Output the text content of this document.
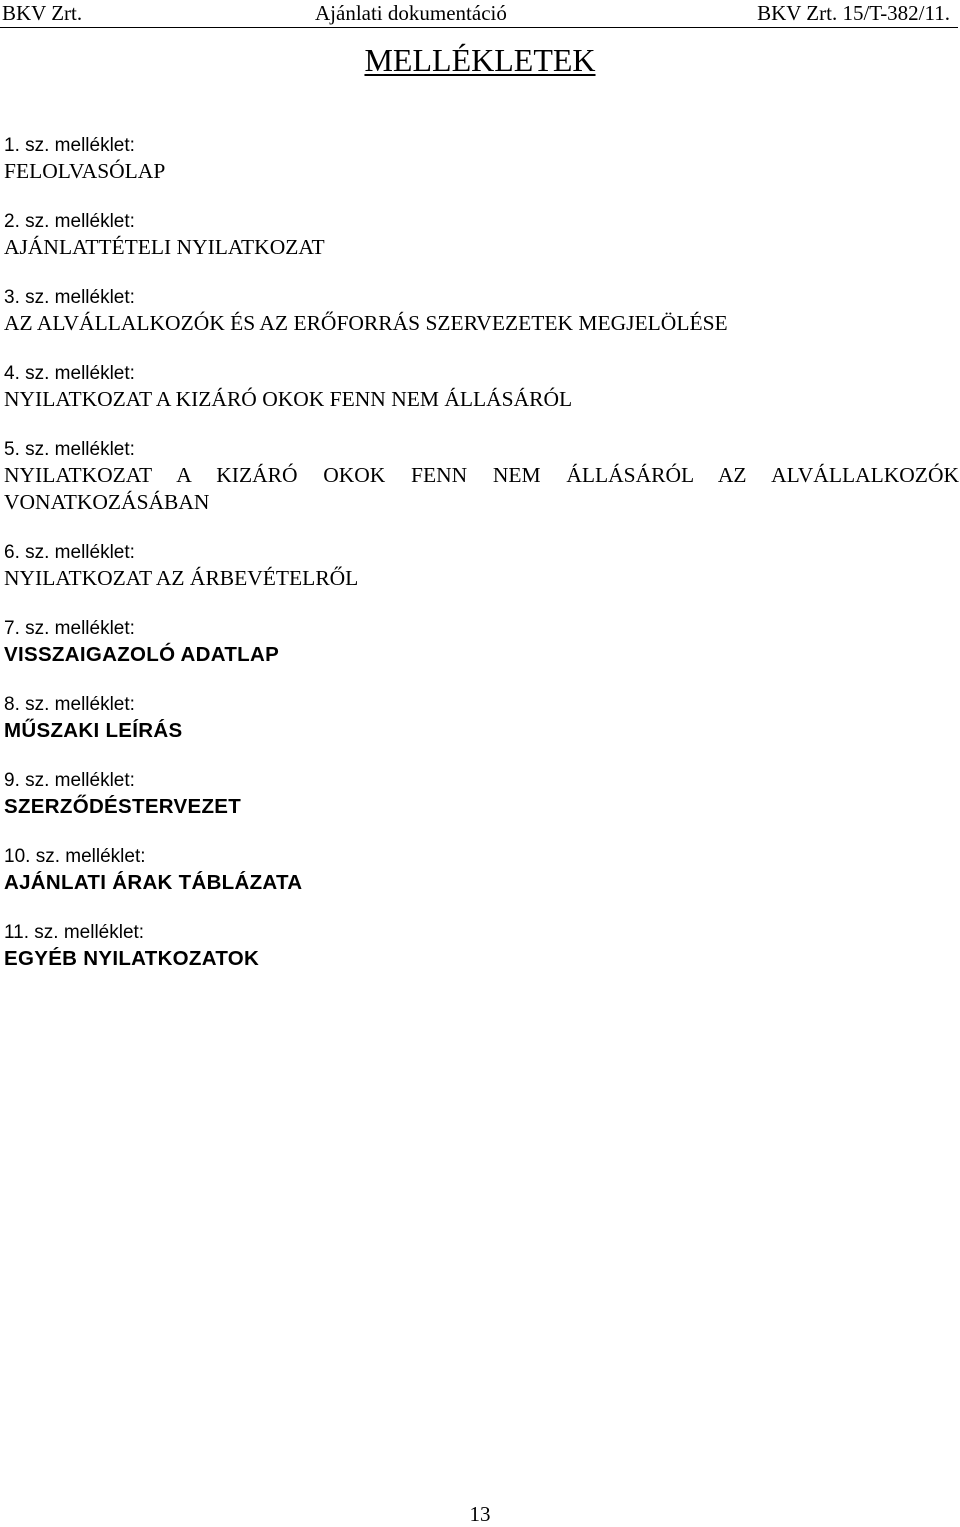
BKV Zrt.	Ajánlati dokumentáció	BKV Zrt. 15/T-382/11.
MELLÉKLETEK
1. sz. melléklet:
FELOLVASÓLAP
2. sz. melléklet:
AJÁNLATTÉTELI NYILATKOZAT
3. sz. melléklet:
AZ ALVÁLLALKOZÓK ÉS AZ ERŐFORRÁS SZERVEZETEK MEGJELÖLÉSE
4. sz. melléklet:
NYILATKOZAT A KIZÁRÓ OKOK FENN NEM ÁLLÁSÁRÓL
5. sz. melléklet:
NYILATKOZAT A KIZÁRÓ OKOK FENN NEM ÁLLÁSÁRÓL AZ ALVÁLLALKOZÓK VONATKOZÁSÁBAN
6. sz. melléklet:
NYILATKOZAT AZ ÁRBEVÉTELRŐL
7. sz. melléklet:
VISSZAIGAZOLÓ ADATLAP
8. sz. melléklet:
MŰSZAKI LEÍRÁS
9. sz. melléklet:
SZERZŐDÉSTERVEZET
10. sz. melléklet:
AJÁNLATI ÁRAK TÁBLÁZATA
11. sz. melléklet:
EGYÉB NYILATKOZATOK
13
